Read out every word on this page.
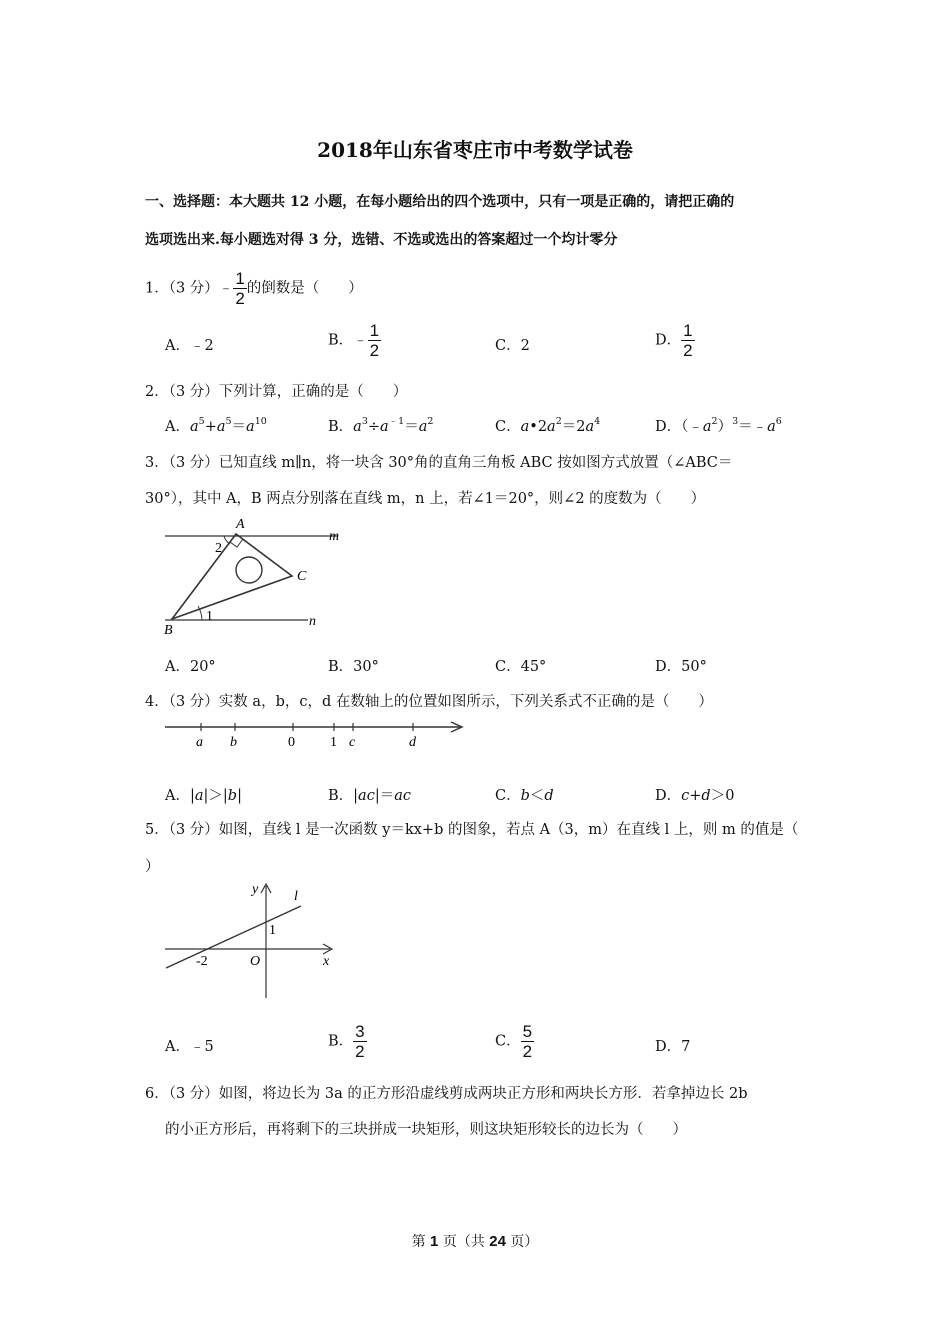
2018年山东省枣庄市中考数学试卷
一、选择题：本大题共 12 小题，在每小题给出的四个选项中，只有一项是正确的，请把正确的
选项选出来.每小题选对得 3 分，选错、不选或选出的答案超过一个均计零分
1．（3 分）﹣ $\frac{1}{2}$ 的倒数是（　　）
A．﹣2	B．﹣ $\frac{1}{2}$	C．2	D． $\frac{1}{2}$
2．（3 分）下列计算，正确的是（　　）
A．$a^5+a^5=a^{10}$	B．$a^3\div a^{﹣1}=a^2$	C．$a•2a^2=2a^4$	D．$(﹣a^2)^3=﹣a^6$
3．（3 分）已知直线 m∥n，将一块含 30°角的直角三角板 ABC 按如图方式放置（∠ABC＝
30°），其中 A，B 两点分别落在直线 m，n 上，若∠1＝20°，则∠2 的度数为（　　）
A
2
m
C
1
B
n
A．20°	B．30°	C．45°	D．50°
4．（3 分）实数 a，b，c，d 在数轴上的位置如图所示，下列关系式不正确的是（　　）
a b	0	1 c	d
A．|a|＞|b|	B．|ac|＝ac	C．b＜d	D．c+d＞0
5．（3 分）如图，直线 l 是一次函数 y＝kx+b 的图象，若点 A（3，m）在直线 l 上，则 m 的值是（
）
y	l
1
-2	O	x
A．﹣5	B． $\frac{3}{2}$	C． $\frac{5}{2}$	D．7
6．（3 分）如图，将边长为 3a 的正方形沿虚线剪成两块正方形和两块长方形．若拿掉边长 2b
的小正方形后，再将剩下的三块拼成一块矩形，则这块矩形较长的边长为（　　）
第 1 页（共 24 页）
